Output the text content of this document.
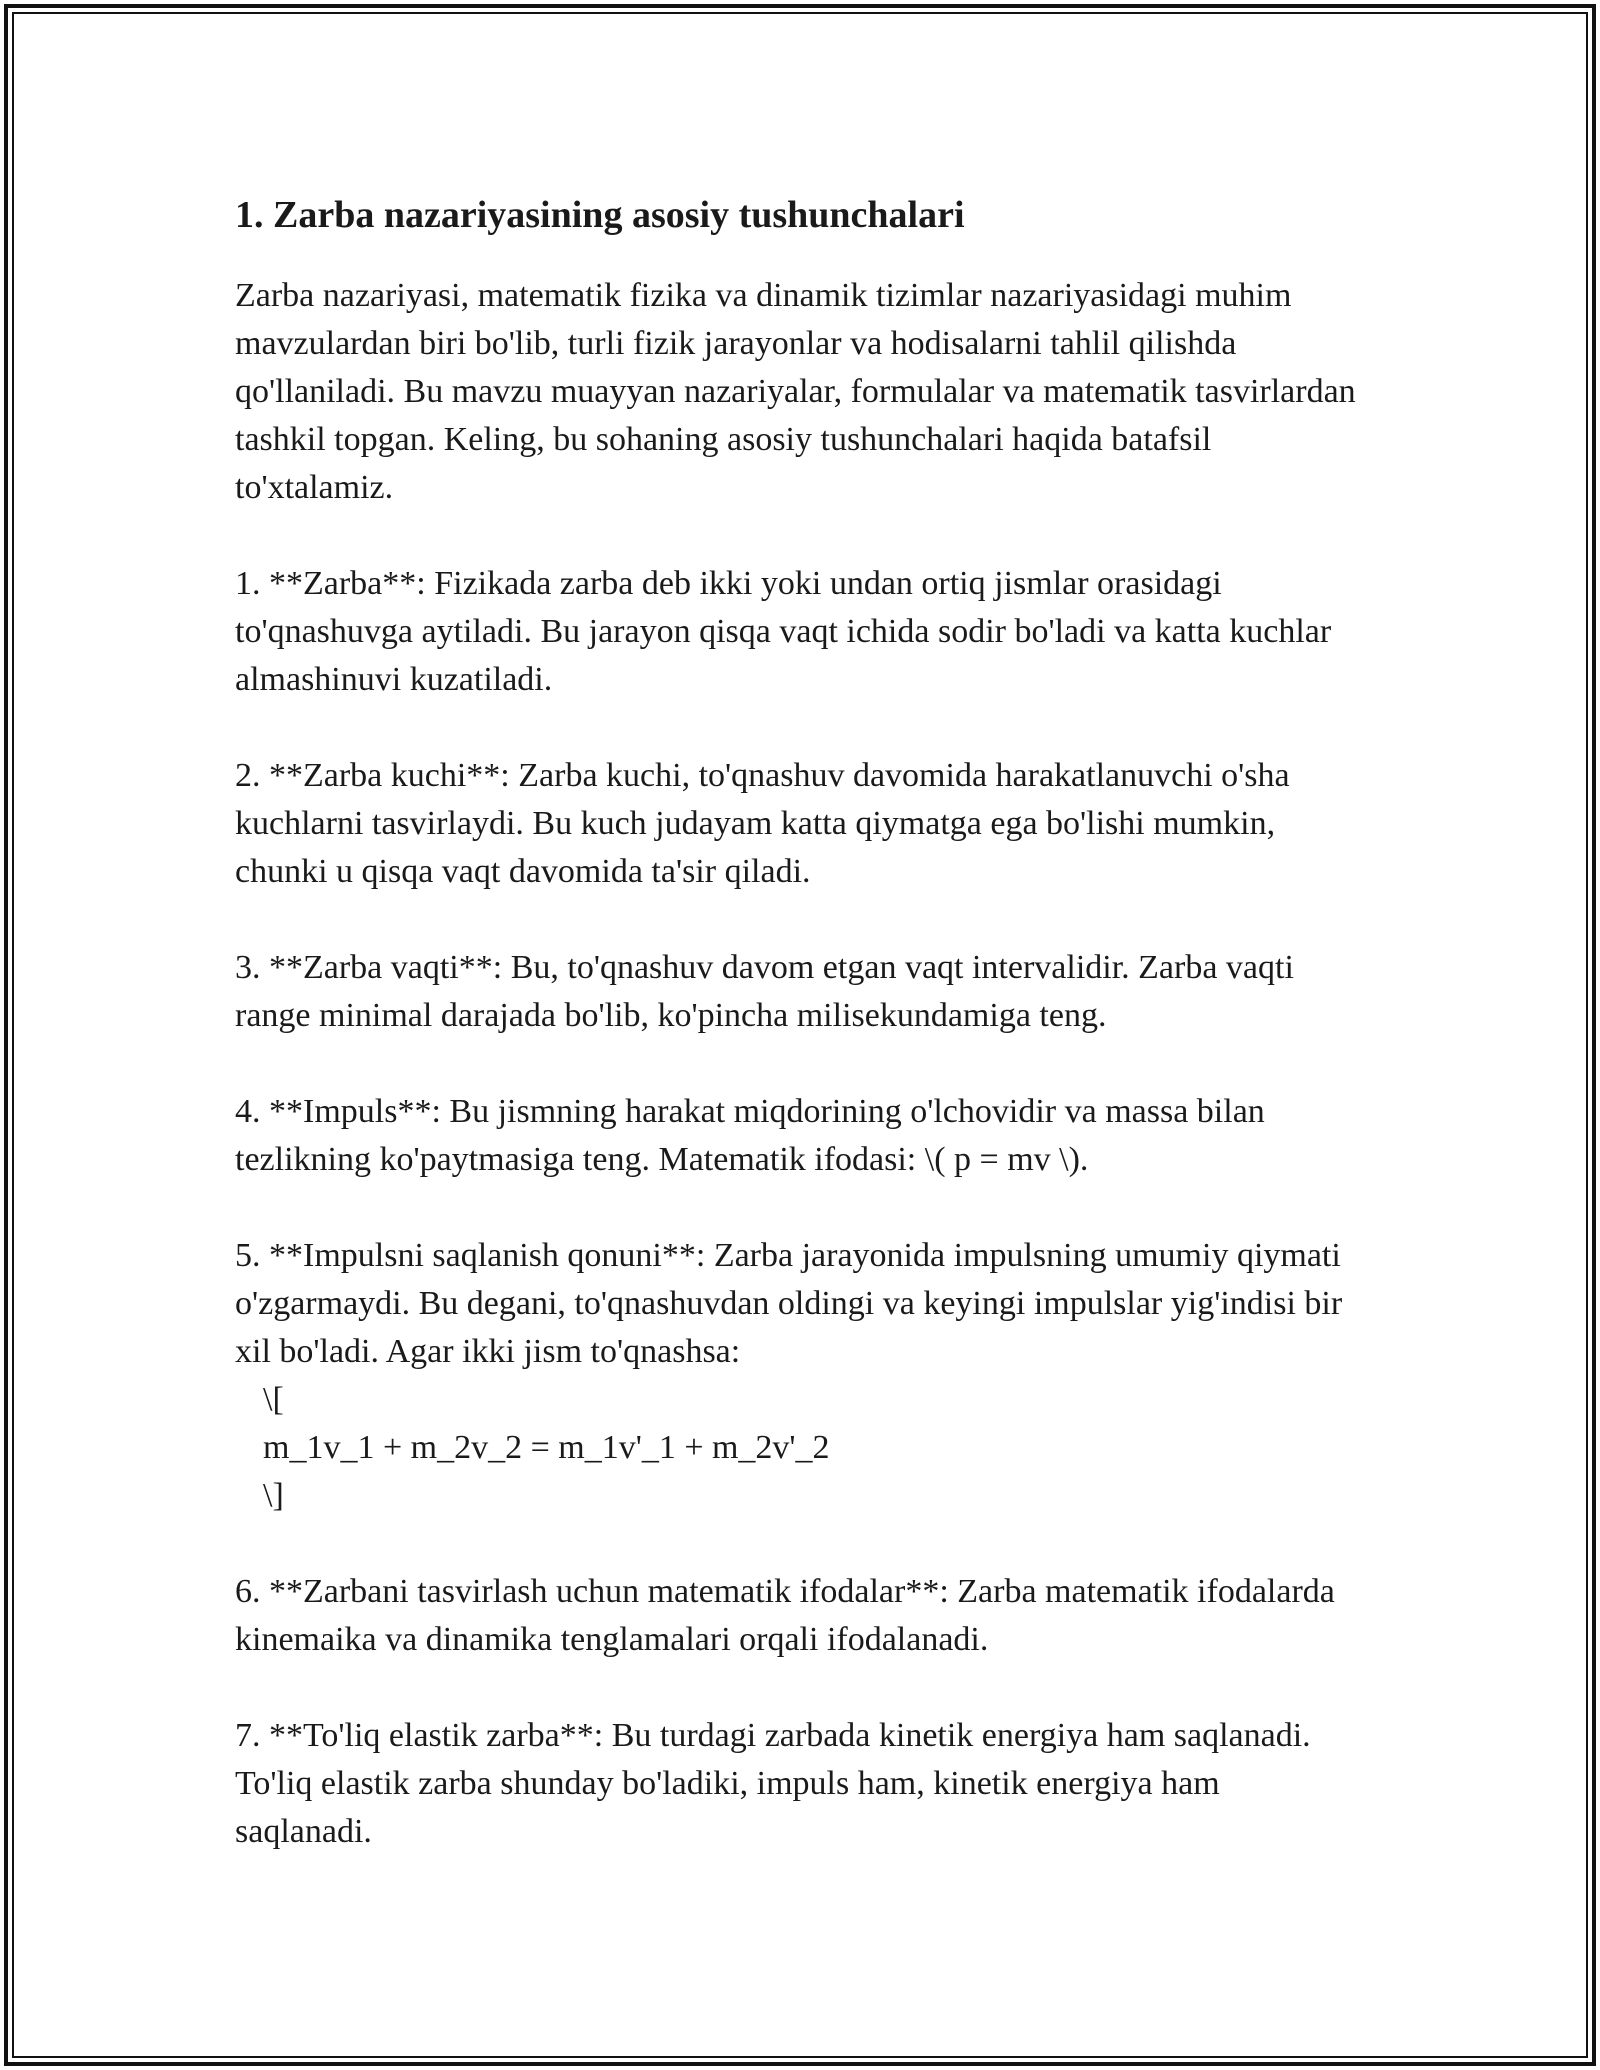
1. Zarba nazariyasining asosiy tushunchalari

Zarba nazariyasi, matematik fizika va dinamik tizimlar nazariyasidagi muhim mavzulardan biri bo'lib, turli fizik jarayonlar va hodisalarni tahlil qilishda qo'llaniladi. Bu mavzu muayyan nazariyalar, formulalar va matematik tasvirlardan tashkil topgan. Keling, bu sohaning asosiy tushunchalari haqida batafsil to'xtalamiz.

1. **Zarba**: Fizikada zarba deb ikki yoki undan ortiq jismlar orasidagi to'qnashuvga aytiladi. Bu jarayon qisqa vaqt ichida sodir bo'ladi va katta kuchlar almashinuvi kuzatiladi.

2. **Zarba kuchi**: Zarba kuchi, to'qnashuv davomida harakatlanuvchi o'sha kuchlarni tasvirlaydi. Bu kuch judayam katta qiymatga ega bo'lishi mumkin, chunki u qisqa vaqt davomida ta'sir qiladi.

3. **Zarba vaqti**: Bu, to'qnashuv davom etgan vaqt intervalidir. Zarba vaqti range minimal darajada bo'lib, ko'pincha milisekundamiga teng.

4. **Impuls**: Bu jismning harakat miqdorining o'lchovidir va massa bilan tezlikning ko'paytmasiga teng. Matematik ifodasi: \( p = mv \).

5. **Impulsni saqlanish qonuni**: Zarba jarayonida impulsning umumiy qiymati o'zgarmaydi. Bu degani, to'qnashuvdan oldingi va keyingi impulslar yig'indisi bir xil bo'ladi. Agar ikki jism to'qnashsa:
\[
m_1v_1 + m_2v_2 = m_1v'_1 + m_2v'_2
\]

6. **Zarbani tasvirlash uchun matematik ifodalar**: Zarba matematik ifodalarda kinemaika va dinamika tenglamalari orqali ifodalanadi.

7. **To'liq elastik zarba**: Bu turdagi zarbada kinetik energiya ham saqlanadi. To'liq elastik zarba shunday bo'ladiki, impuls ham, kinetik energiya ham saqlanadi.
